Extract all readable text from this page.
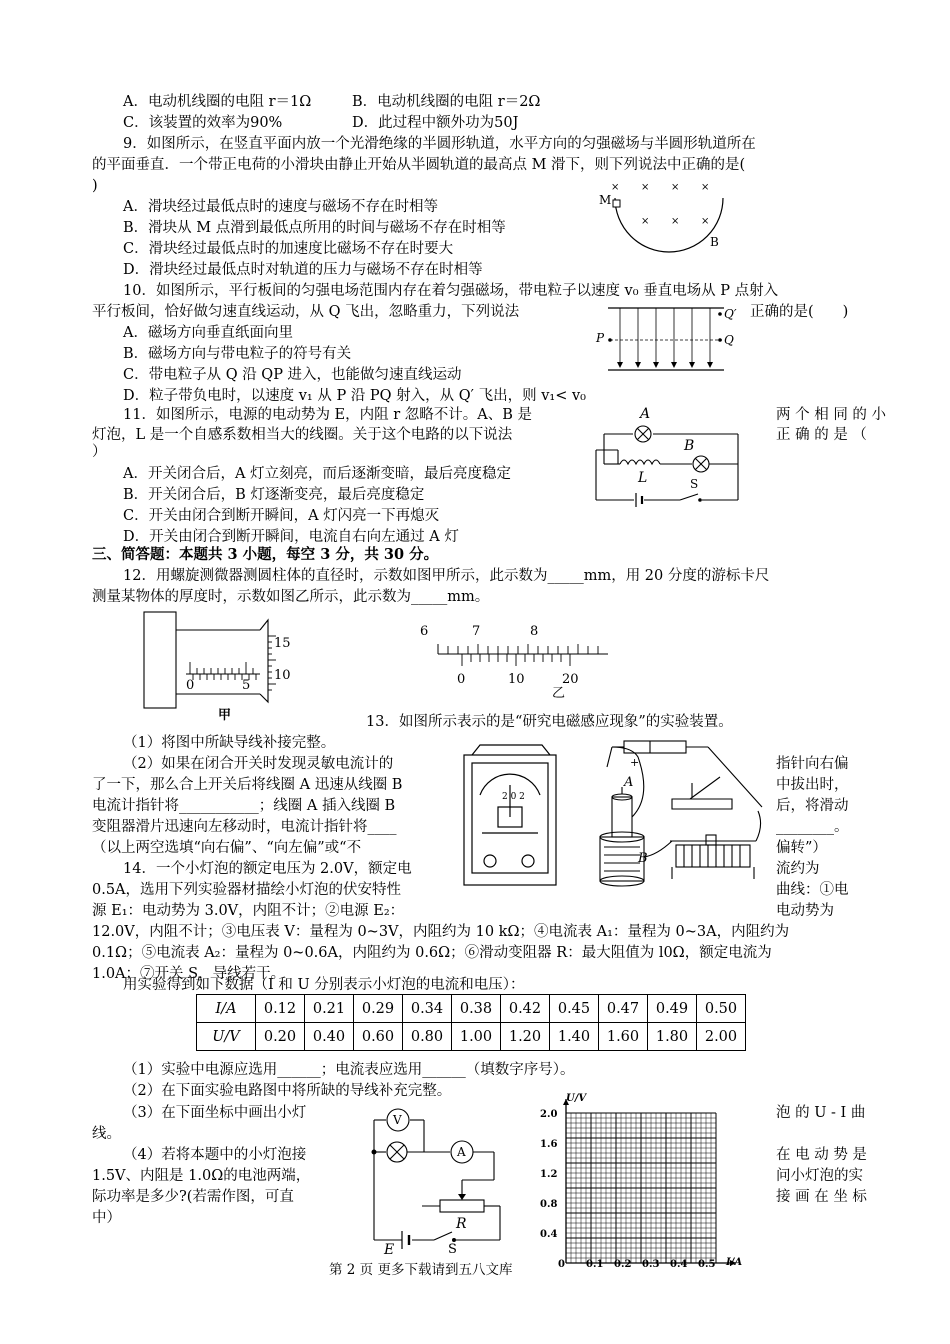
A．电动机线圈的电阻 r＝1Ω	B．电动机线圈的电阻 r＝2Ω
C．该装置的效率为90%	D．此过程中额外功为50J
9．如图所示，在竖直平面内放一个光滑绝缘的半圆形轨道，水平方向的匀强磁场与半圆形轨道所在
的平面垂直．一个带正电荷的小滑块由静止开始从半圆轨道的最高点 M 滑下，则下列说法中正确的是(
)
A．滑块经过最低点时的速度与磁场不存在时相等
B．滑块从 M 点滑到最低点所用的时间与磁场不存在时相等
C．滑块经过最低点时的加速度比磁场不存在时要大
D．滑块经过最低点时对轨道的压力与磁场不存在时相等
M
B
× × × ×
× × ×
10．如图所示，平行板间的匀强电场范围内存在着匀强磁场，带电粒子以速度 v₀ 垂直电场从 P 点射入
平行板间，恰好做匀速直线运动，从 Q 飞出，忽略重力，下列说法	正确的是(　　)
A．磁场方向垂直纸面向里
B．磁场方向与带电粒子的符号有关
C．带电粒子从 Q 沿 QP 进入，也能做匀速直线运动
D．粒子带负电时，以速度 v₁ 从 P 沿 PQ 射入，从 Q′ 飞出，则 v₁< v₀
P	Q
Q′
11．如图所示，电源的电动势为 E，内阻 r 忽略不计。A、B 是	两 个 相 同 的 小
灯泡，L 是一个自感系数相当大的线圈。关于这个电路的以下说法	正 确 的 是 （
）
A．开关闭合后，A 灯立刻亮，而后逐渐变暗，最后亮度稳定
B．开关闭合后，B 灯逐渐变亮，最后亮度稳定
C．开关由闭合到断开瞬间，A 灯闪亮一下再熄灭
D．开关由闭合到断开瞬间，电流自右向左通过 A 灯
A
B
L	S
三、简答题：本题共 3 小题，每空 3 分，共 30 分。
12．用螺旋测微器测圆柱体的直径时，示数如图甲所示，此示数为_____mm，用 20 分度的游标卡尺
测量某物体的厚度时，示数如图乙所示，此示数为_____mm。
15
10
0	5
甲
6	7	8
0	10	20
乙
13．如图所示表示的是“研究电磁感应现象”的实验装置。
（1）将图中所缺导线补接完整。
（2）如果在闭合开关时发现灵敏电流计的
了一下，那么合上开关后将线圈 A 迅速从线圈 B
电流计指针将___________；线圈 A 插入线圈 B
变阻器滑片迅速向左移动时，电流计指针将____
（以上两空选填“向右偏”、“向左偏”或“不
指针向右偏
中拔出时，
后，将滑动
________。
偏转”）
2 0 2
+
A
B
14．一个小灯泡的额定电压为 2.0V，额定电	流约为
0.5A，选用下列实验器材描绘小灯泡的伏安特性	曲线：①电
源 E₁：电动势为 3.0V，内阻不计；②电源 E₂：	电动势为
12.0V，内阻不计；③电压表 V：量程为 0~3V，内阻约为 10 kΩ；④电流表 A₁：量程为 0~3A，内阻约为
0.1Ω；⑤电流表 A₂：量程为 0~0.6A，内阻约为 0.6Ω；⑥滑动变阻器 R：最大阻值为 l0Ω，额定电流为
1.0A；⑦开关 S，导线若干。
用实验得到如下数据（I 和 U 分别表示小灯泡的电流和电压）：
I/A	0.12	0.21	0.29	0.34	0.38	0.42	0.45	0.47	0.49	0.50
U/V	0.20	0.40	0.60	0.80	1.00	1.20	1.40	1.60	1.80	2.00
（1）实验中电源应选用______；电流表应选用______（填数字序号）。
（2）在下面实验电路图中将所缺的导线补充完整。
（3）在下面坐标中画出小灯	泡 的 U - I 曲
线。
（4）若将本题中的小灯泡接	在 电 动 势 是
1.5V、内阻是 1.0Ω的电池两端，	问小灯泡的实
际功率是多少?(若需作图，可直	接 画 在 坐 标
中）
V
A
R
E	S
U/V
I/A
2.0
1.6
1.2
0.8
0.4
0 0.1 0.2 0.3 0.4 0.5
第 2 页 更多下载请到五八文库
